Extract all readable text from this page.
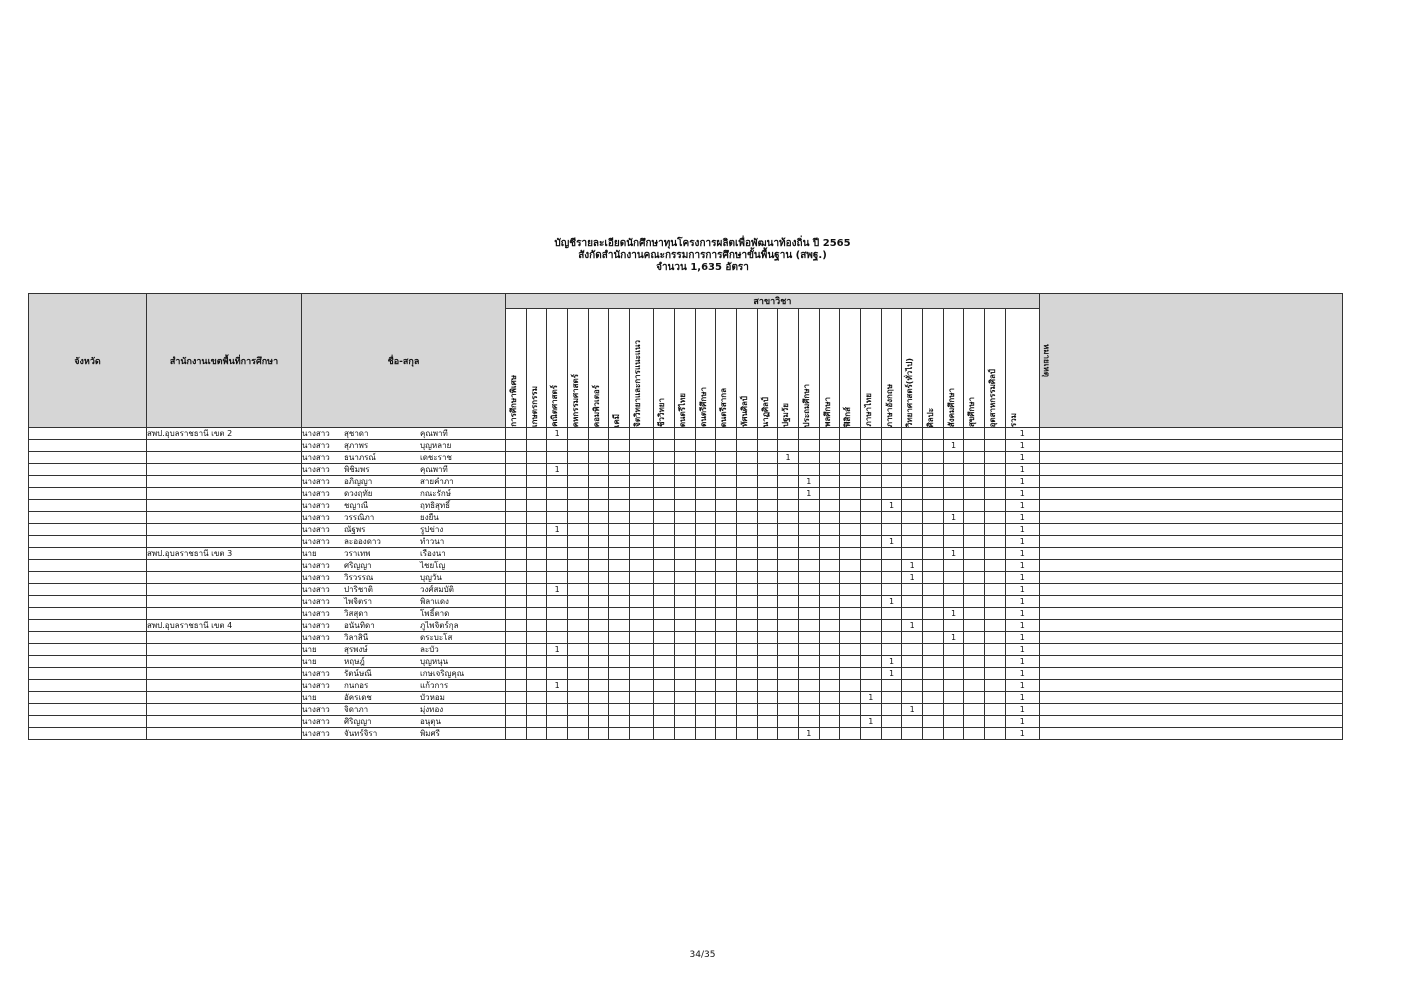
บัญชีรายละเอียดนักศึกษาทุนโครงการผลิตเพื่อพัฒนาท้องถิ่น ปี 2565
สังกัดสำนักงานคณะกรรมการการศึกษาขั้นพื้นฐาน (สพฐ.)
จำนวน 1,635 อัตรา
จังหวัด	สำนักงานเขตพื้นที่การศึกษา	ชื่อ-สกุล	สาขาวิชา																									หมายเหตุ

			การศึกษาพิเศษ	เกษตรกรรม	คณิตศาสตร์	คหกรรมศาสตร์	คอมพิวเตอร์	เคมี	จิตวิทยาและการแนะแนว	ชีววิทยา	ดนตรีไทย	ดนตรีศึกษา	ดนตรีสากล	ทัศนศิลป์	นาฏศิลป์	ปฐมวัย	ประถมศึกษา	พลศึกษา	ฟิสิกส์	ภาษาไทย	ภาษาอังกฤษ	วิทยาศาสตร์(ทั่วไป)	ศิลปะ	สังคมศึกษา	สุขศึกษา	อุตสาหกรรมศิลป์	รวม	

	สพป.อุบลราชธานี เขต 2	นางสาว สุชาดา คุณพาที			1																						1	
		นางสาว สุภาพร บุญหลาย																						1			1	
		นางสาว ธนาภรณ์ เดชะราช														1											1	
		นางสาว พิชิมพร คุณพาที			1																						1	
		นางสาว อภิญญา สายคำภา															1										1	
		นางสาว ดวงฤทัย กณะรักษ์															1										1	
		นางสาว ชญาณี ฤทธิสุทธิ์																			1						1	
		นางสาว วรรณิภา ยงยืน																						1			1	
		นางสาว ณัฐพร รูปข่าง			1																						1	
		นางสาว ละอองดาว ทำวนา																			1						1	
	สพป.อุบลราชธานี เขต 3	นาย วราเทพ เรืองนา																						1			1	
		นางสาว ศริญญา ไชยโญ																				1					1	
		นางสาว วิรวรรณ บุญวัน																				1					1	
		นางสาว ปาริชาติ วงศ์สมบัติ			1																						1	
		นางสาว ไพจิตรา พิลาแดง																			1						1	
		นางสาว วิสสุดา โพธิ์ตาด																						1			1	
	สพป.อุบลราชธานี เขต 4	นางสาว อนันทิดา ภูไพจิตร์กุล																				1					1	
		นางสาว วิลาสินี ดระบะโส																						1			1	
		นาย สุรพงษ์ ละบัว			1																						1	
		นาย หฤษฎ์ บุญหนุน																			1						1	
		นางสาว รัตน์ษณี เกษเจริญคุณ																			1						1	
		นางสาว กนกอร แก้วการ			1																						1	
		นาย อัครเดช บัวหอม																		1							1	
		นางสาว จิดาภา มุ่งทอง																				1					1	
		นางสาว ศิริญญา อนุตุน																		1							1	
		นางสาว จันทร์จิรา พิมศรี															1										1	
34/35
